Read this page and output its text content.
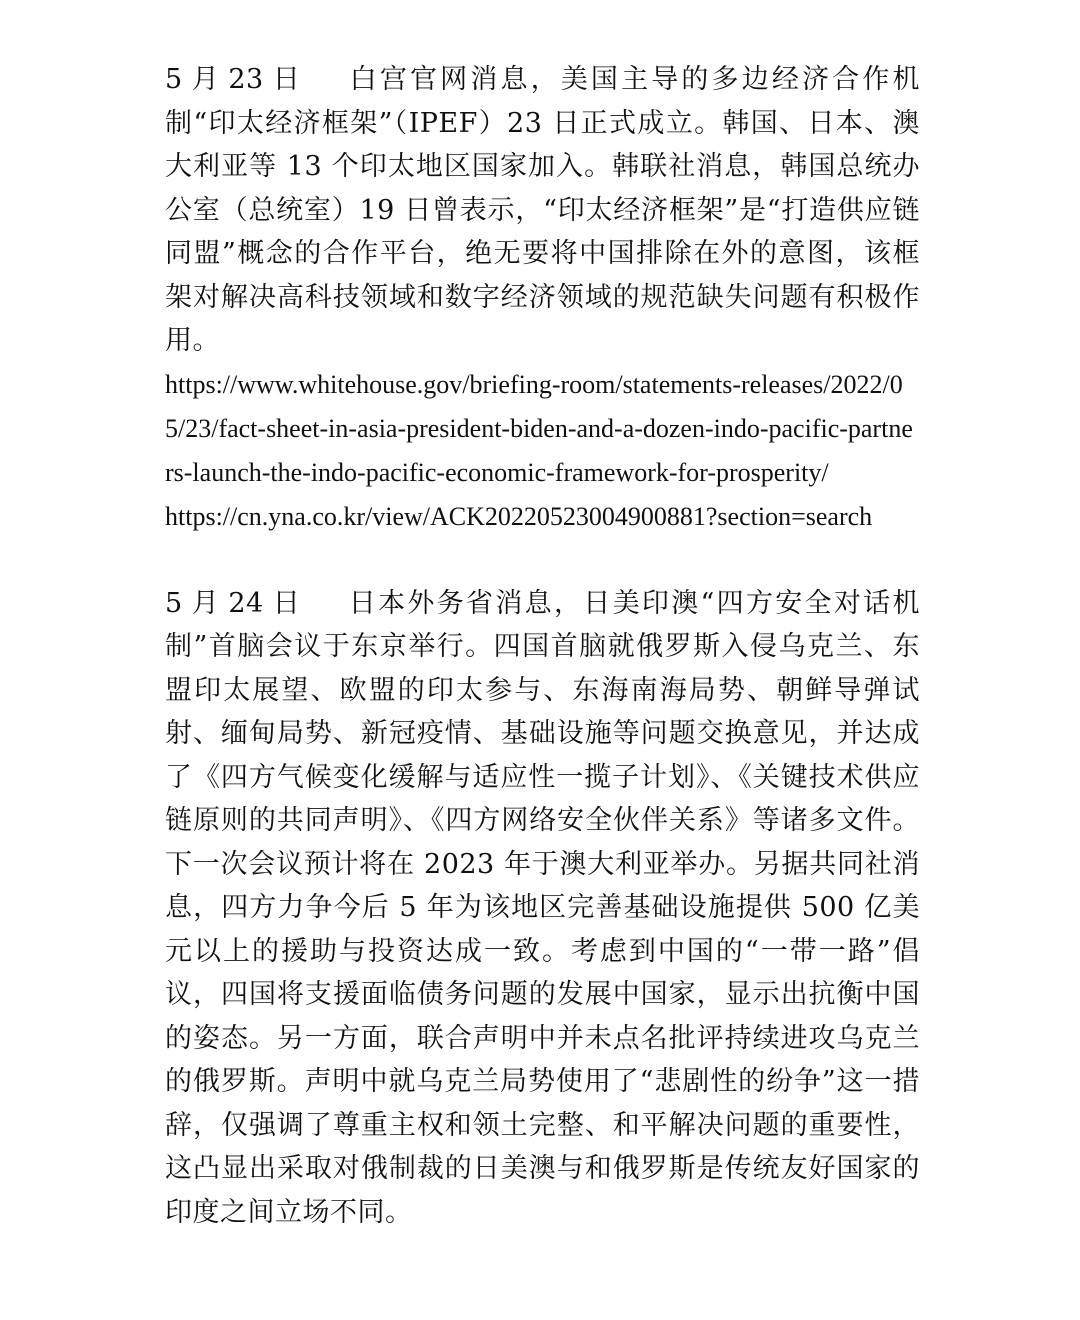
5 月 23 日 白宫官网消息，美国主导的多边经济合作机制“印太经济框架”（IPEF）23 日正式成立。韩国、日本、澳大利亚等 13 个印太地区国家加入。韩联社消息，韩国总统办公室（总统室）19 日曾表示，“印太经济框架”是“打造供应链同盟”概念的合作平台，绝无要将中国排除在外的意图，该框架对解决高科技领域和数字经济领域的规范缺失问题有积极作用。

https://www.whitehouse.gov/briefing-room/statements-releases/2022/05/23/fact-sheet-in-asia-president-biden-and-a-dozen-indo-pacific-partners-launch-the-indo-pacific-economic-framework-for-prosperity/

https://cn.yna.co.kr/view/ACK20220523004900881?section=search

5 月 24 日 日本外务省消息，日美印澳“四方安全对话机制”首脑会议于东京举行。四国首脑就俄罗斯入侵乌克兰、东盟印太展望、欧盟的印太参与、东海南海局势、朝鲜导弹试射、缅甸局势、新冠疫情、基础设施等问题交换意见，并达成了《四方气候变化缓解与适应性一揽子计划》、《关键技术供应链原则的共同声明》、《四方网络安全伙伴关系》等诸多文件。下一次会议预计将在 2023 年于澳大利亚举办。另据共同社消息，四方力争今后 5 年为该地区完善基础设施提供 500 亿美元以上的援助与投资达成一致。考虑到中国的“一带一路”倡议，四国将支援面临债务问题的发展中国家，显示出抗衡中国的姿态。另一方面，联合声明中并未点名批评持续进攻乌克兰的俄罗斯。声明中就乌克兰局势使用了“悲剧性的纷争”这一措辞，仅强调了尊重主权和领土完整、和平解决问题的重要性，这凸显出采取对俄制裁的日美澳与和俄罗斯是传统友好国家的印度之间立场不同。
